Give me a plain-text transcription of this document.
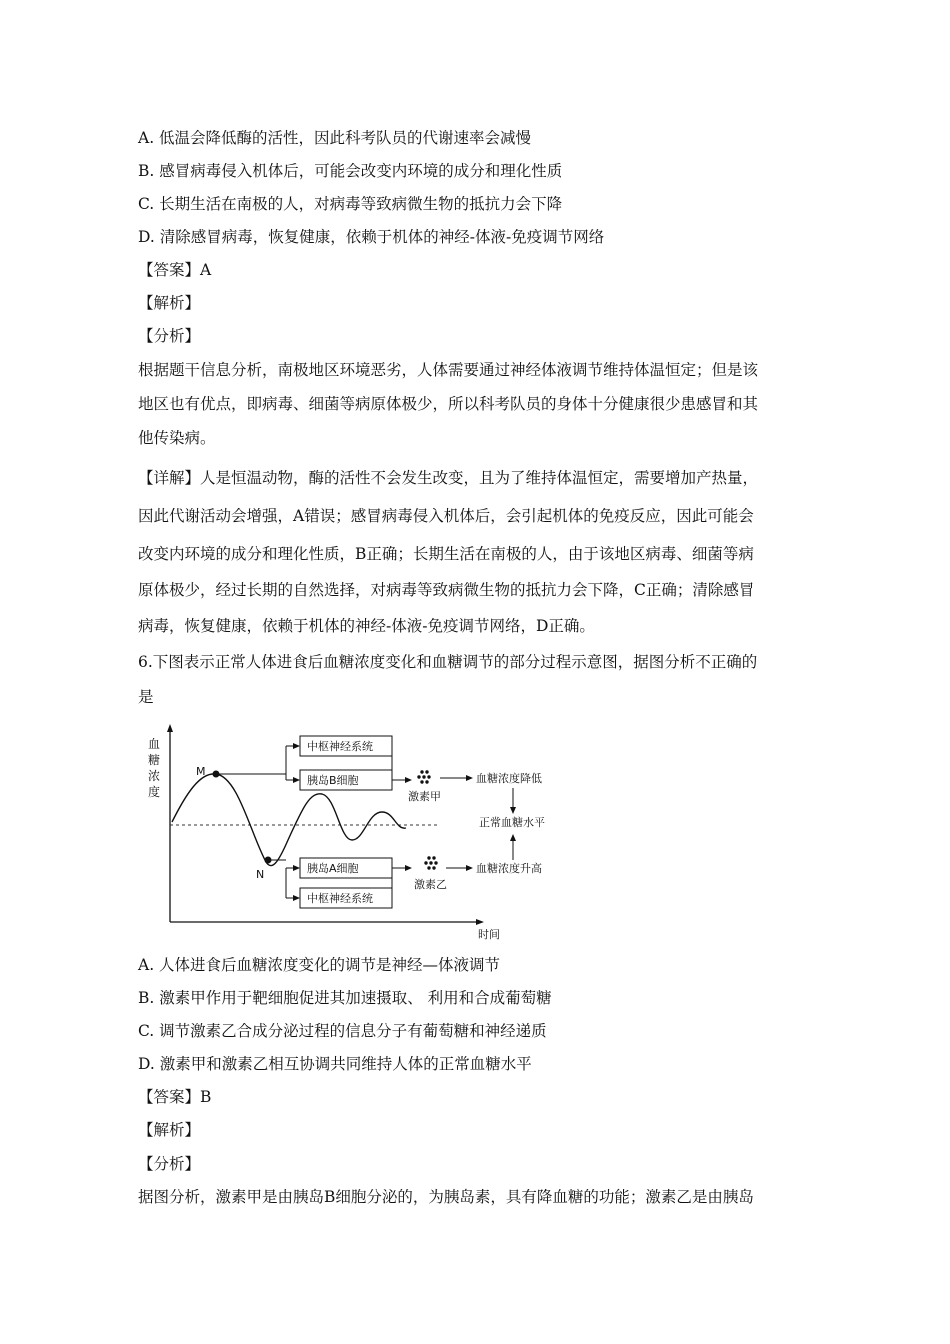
A. 低温会降低酶的活性，因此科考队员的代谢速率会减慢
B. 感冒病毒侵入机体后，可能会改变内环境的成分和理化性质
C. 长期生活在南极的人，对病毒等致病微生物的抵抗力会下降
D. 清除感冒病毒，恢复健康，依赖于机体的神经-体液-免疫调节网络
【答案】A
【解析】
【分析】
根据题干信息分析，南极地区环境恶劣，人体需要通过神经体液调节维持体温恒定；但是该
地区也有优点，即病毒、细菌等病原体极少，所以科考队员的身体十分健康很少患感冒和其
他传染病。
【详解】人是恒温动物，酶的活性不会发生改变，且为了维持体温恒定，需要增加产热量，
因此代谢活动会增强，A错误；感冒病毒侵入机体后，会引起机体的免疫反应，因此可能会
改变内环境的成分和理化性质，B正确；长期生活在南极的人，由于该地区病毒、细菌等病
原体极少，经过长期的自然选择，对病毒等致病微生物的抵抗力会下降，C正确；清除感冒
病毒，恢复健康，依赖于机体的神经-体液-免疫调节网络，D正确。
6.下图表示正常人体进食后血糖浓度变化和血糖调节的部分过程示意图，据图分析不正确的
是
血
糖
浓
度
时间
M
N
中枢神经系统
胰岛B细胞
激素甲
血糖浓度降低
正常血糖水平
胰岛A细胞
中枢神经系统
激素乙
血糖浓度升高
A. 人体进食后血糖浓度变化的调节是神经—体液调节
B. 激素甲作用于靶细胞促进其加速摄取、 利用和合成葡萄糖
C. 调节激素乙合成分泌过程的信息分子有葡萄糖和神经递质
D. 激素甲和激素乙相互协调共同维持人体的正常血糖水平
【答案】B
【解析】
【分析】
据图分析，激素甲是由胰岛B细胞分泌的，为胰岛素，具有降血糖的功能；激素乙是由胰岛
